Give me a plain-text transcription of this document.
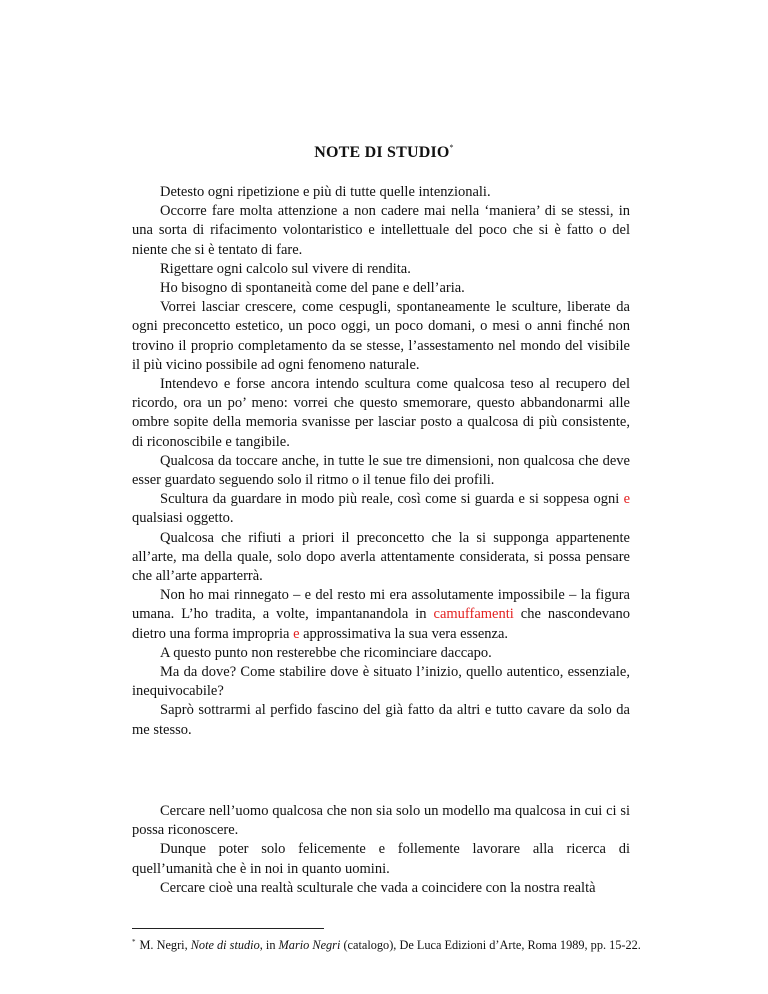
NOTE DI STUDIO*

Detesto ogni ripetizione e più di tutte quelle intenzionali.

Occorre fare molta attenzione a non cadere mai nella ‘maniera’ di se stessi, in una sorta di rifacimento volontaristico e intellettuale del poco che si è fatto o del niente che si è tentato di fare.

Rigettare ogni calcolo sul vivere di rendita.

Ho bisogno di spontaneità come del pane e dell’aria.

Vorrei lasciar crescere, come cespugli, spontaneamente le sculture, liberate da ogni preconcetto estetico, un poco oggi, un poco domani, o mesi o anni finché non trovino il proprio completamento da se stesse, l’assestamento nel mondo del visibile il più vicino possibile ad ogni fenomeno naturale.

Intendevo e forse ancora intendo scultura come qualcosa teso al recupero del ricordo, ora un po’ meno: vorrei che questo smemorare, questo abbandonarmi alle ombre sopite della memoria svanisse per lasciar posto a qualcosa di più consistente, di riconoscibile e tangibile.

Qualcosa da toccare anche, in tutte le sue tre dimensioni, non qualcosa che deve esser guardato seguendo solo il ritmo o il tenue filo dei profili.

Scultura da guardare in modo più reale, così come si guarda e si soppesa ogni e qualsiasi oggetto.

Qualcosa che rifiuti a priori il preconcetto che la si supponga appartenente all’arte, ma della quale, solo dopo averla attentamente considerata, si possa pensare che all’arte apparterrà.

Non ho mai rinnegato – e del resto mi era assolutamente impossibile – la figura umana. L’ho tradita, a volte, impantanandola in camuffamenti che nascondevano dietro una forma impropria e approssimativa la sua vera essenza.

A questo punto non resterebbe che ricominciare daccapo.

Ma da dove? Come stabilire dove è situato l’inizio, quello autentico, essenziale, inequivocabile?

Saprò sottrarmi al perfido fascino del già fatto da altri e tutto cavare da solo da me stesso.

Cercare nell’uomo qualcosa che non sia solo un modello ma qualcosa in cui ci si possa riconoscere.

Dunque poter solo felicemente e follemente lavorare alla ricerca di quell’umanità che è in noi in quanto uomini.

Cercare cioè una realtà sculturale che vada a coincidere con la nostra realtà

* M. Negri, Note di studio, in Mario Negri (catalogo), De Luca Edizioni d’Arte, Roma 1989, pp. 15-22.
